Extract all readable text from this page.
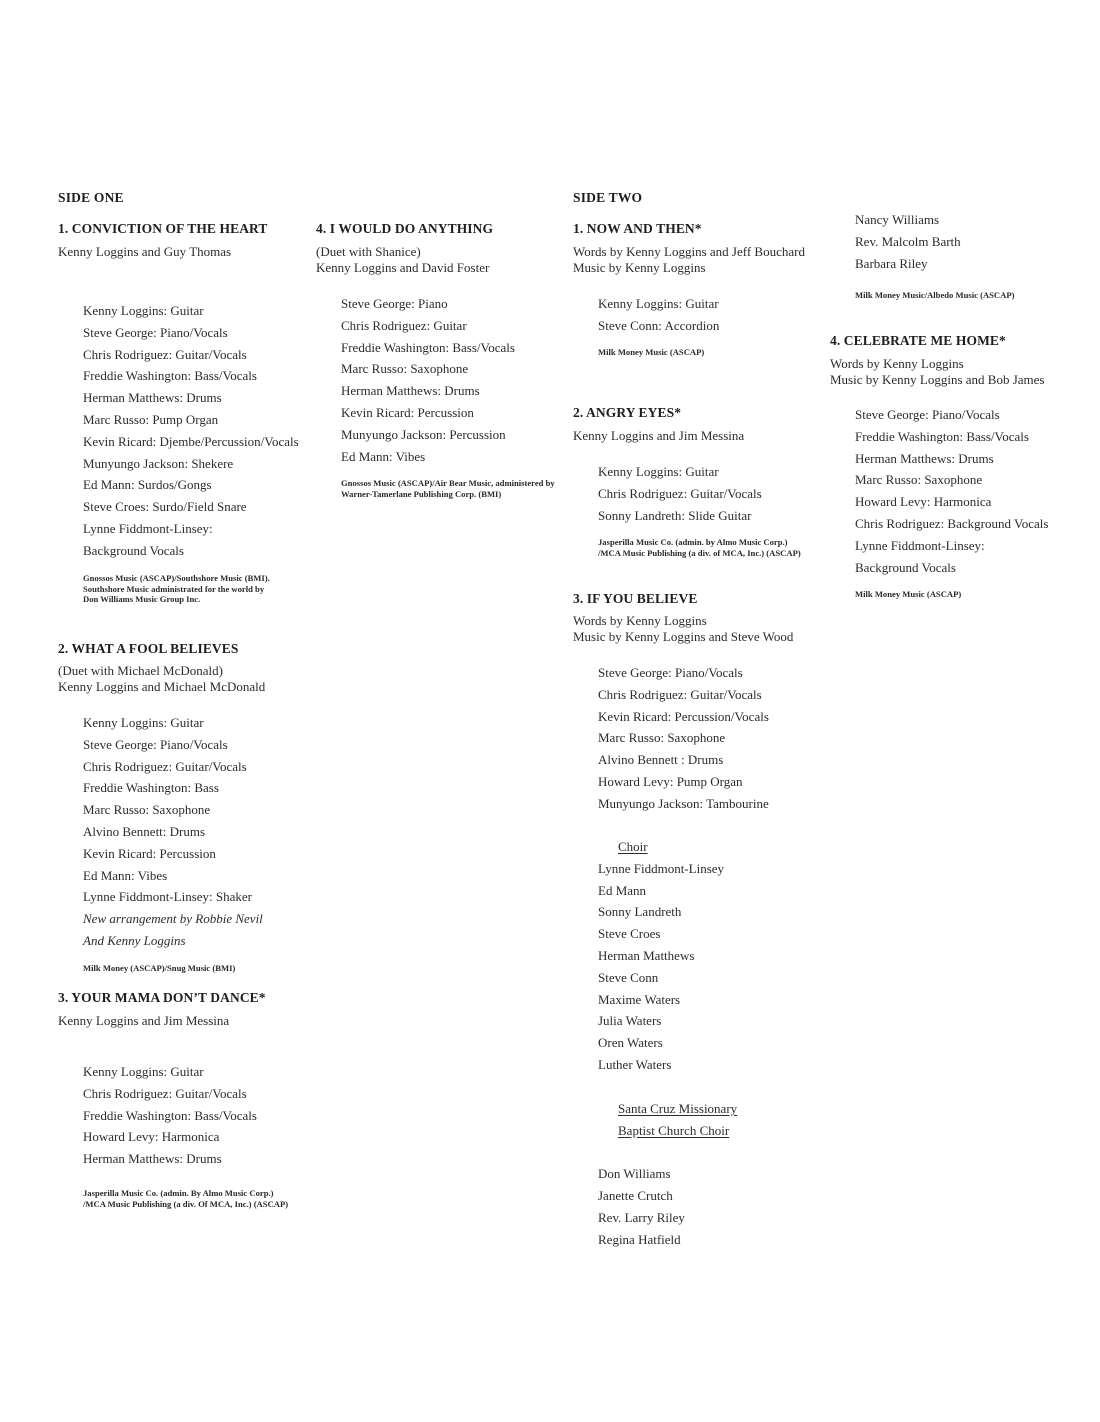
SIDE ONE
1. CONVICTION OF THE HEART
Kenny Loggins and Guy Thomas
Kenny Loggins: Guitar
Steve George: Piano/Vocals
Chris Rodriguez: Guitar/Vocals
Freddie Washington: Bass/Vocals
Herman Matthews: Drums
Marc Russo: Pump Organ
Kevin Ricard: Djembe/Percussion/Vocals
Munyungo Jackson: Shekere
Ed Mann: Surdos/Gongs
Steve Croes: Surdo/Field Snare
Lynne Fiddmont-Linsey:
Background Vocals
Gnossos Music (ASCAP)/Southshore Music (BMI).
Southshore Music administrated for the world by
Don Williams Music Group Inc.
2. WHAT A FOOL BELIEVES
(Duet with Michael McDonald)
Kenny Loggins and Michael McDonald
Kenny Loggins: Guitar
Steve George: Piano/Vocals
Chris Rodriguez: Guitar/Vocals
Freddie Washington: Bass
Marc Russo: Saxophone
Alvino Bennett: Drums
Kevin Ricard: Percussion
Ed Mann: Vibes
Lynne Fiddmont-Linsey: Shaker
New arrangement by Robbie Nevil
And Kenny Loggins
Milk Money (ASCAP)/Snug Music (BMI)
3. YOUR MAMA DON’T DANCE*
Kenny Loggins and Jim Messina
Kenny Loggins: Guitar
Chris Rodriguez: Guitar/Vocals
Freddie Washington: Bass/Vocals
Howard Levy: Harmonica
Herman Matthews: Drums
Jasperilla Music Co. (admin. By Almo Music Corp.)
/MCA Music Publishing (a div. Of MCA, Inc.) (ASCAP)
4. I WOULD DO ANYTHING
(Duet with Shanice)
Kenny Loggins and David Foster
Steve George: Piano
Chris Rodriguez: Guitar
Freddie Washington: Bass/Vocals
Marc Russo: Saxophone
Herman Matthews: Drums
Kevin Ricard: Percussion
Munyungo Jackson: Percussion
Ed Mann: Vibes
Gnossos Music (ASCAP)/Air Bear Music, administered by
Warner-Tamerlane Publishing Corp. (BMI)
SIDE TWO
1. NOW AND THEN*
Words by Kenny Loggins and Jeff Bouchard
Music by Kenny Loggins
Kenny Loggins: Guitar
Steve Conn: Accordion
Milk Money Music (ASCAP)
2. ANGRY EYES*
Kenny Loggins and Jim Messina
Kenny Loggins: Guitar
Chris Rodriguez: Guitar/Vocals
Sonny Landreth: Slide Guitar
Jasperilla Music Co. (admin. by Almo Music Corp.)
/MCA Music Publishing (a div. of MCA, Inc.) (ASCAP)
3. IF YOU BELIEVE
Words by Kenny Loggins
Music by Kenny Loggins and Steve Wood
Steve George: Piano/Vocals
Chris Rodriguez: Guitar/Vocals
Kevin Ricard: Percussion/Vocals
Marc Russo: Saxophone
Alvino Bennett : Drums
Howard Levy: Pump Organ
Munyungo Jackson: Tambourine
Choir
Lynne Fiddmont-Linsey
Ed Mann
Sonny Landreth
Steve Croes
Herman Matthews
Steve Conn
Maxime Waters
Julia Waters
Oren Waters
Luther Waters
Santa Cruz Missionary
Baptist Church Choir
Don Williams
Janette Crutch
Rev. Larry Riley
Regina Hatfield
Nancy Williams
Rev. Malcolm Barth
Barbara Riley
Milk Money Music/Albedo Music (ASCAP)
4. CELEBRATE ME HOME*
Words by Kenny Loggins
Music by Kenny Loggins and Bob James
Steve George: Piano/Vocals
Freddie Washington: Bass/Vocals
Herman Matthews: Drums
Marc Russo: Saxophone
Howard Levy: Harmonica
Chris Rodriguez: Background Vocals
Lynne Fiddmont-Linsey:
Background Vocals
Milk Money Music (ASCAP)
